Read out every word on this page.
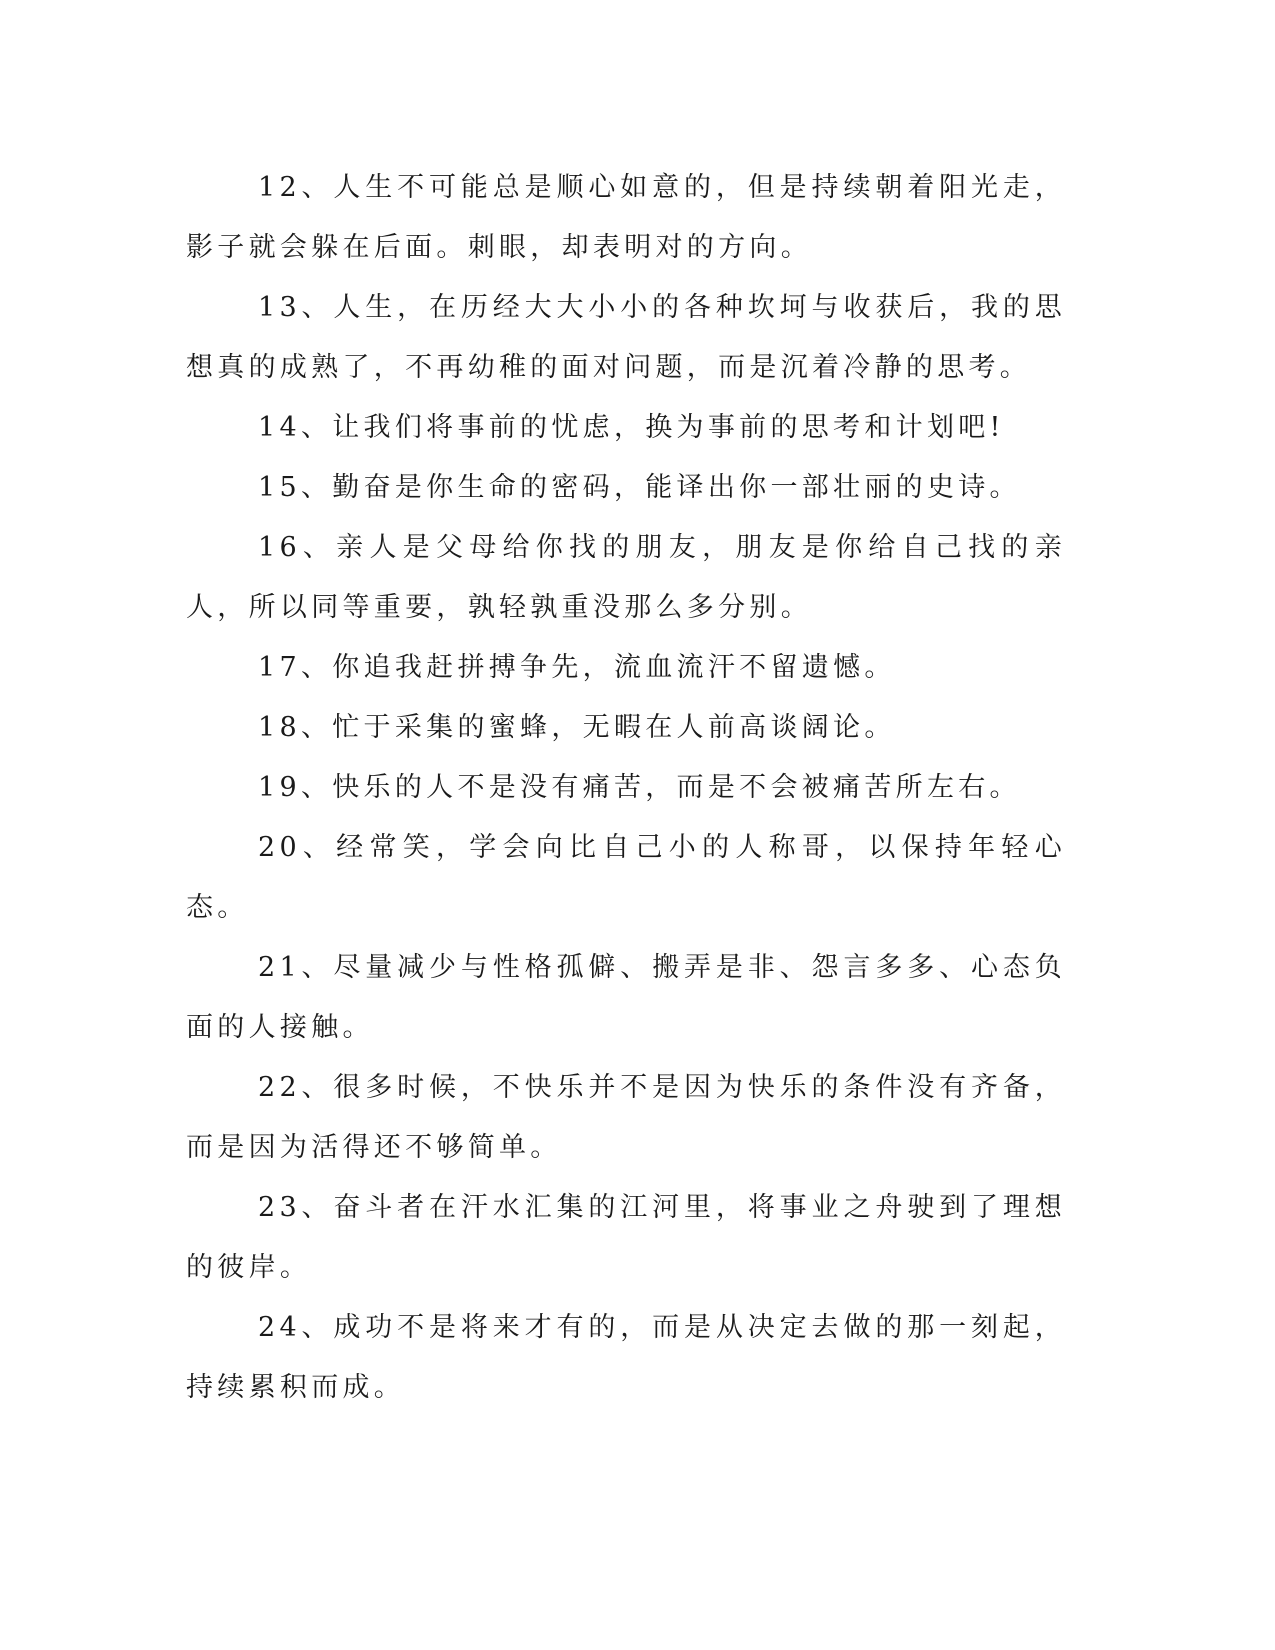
12、人生不可能总是顺心如意的，但是持续朝着阳光走，影子就会躲在后面。刺眼，却表明对的方向。

13、人生，在历经大大小小的各种坎坷与收获后，我的思想真的成熟了，不再幼稚的面对问题，而是沉着冷静的思考。

14、让我们将事前的忧虑，换为事前的思考和计划吧!

15、勤奋是你生命的密码，能译出你一部壮丽的史诗。

16、亲人是父母给你找的朋友，朋友是你给自己找的亲人，所以同等重要，孰轻孰重没那么多分别。

17、你追我赶拼搏争先，流血流汗不留遗憾。

18、忙于采集的蜜蜂，无暇在人前高谈阔论。

19、快乐的人不是没有痛苦，而是不会被痛苦所左右。

20、经常笑，学会向比自己小的人称哥，以保持年轻心态。

21、尽量减少与性格孤僻、搬弄是非、怨言多多、心态负面的人接触。

22、很多时候，不快乐并不是因为快乐的条件没有齐备，而是因为活得还不够简单。

23、奋斗者在汗水汇集的江河里，将事业之舟驶到了理想的彼岸。

24、成功不是将来才有的，而是从决定去做的那一刻起，持续累积而成。
